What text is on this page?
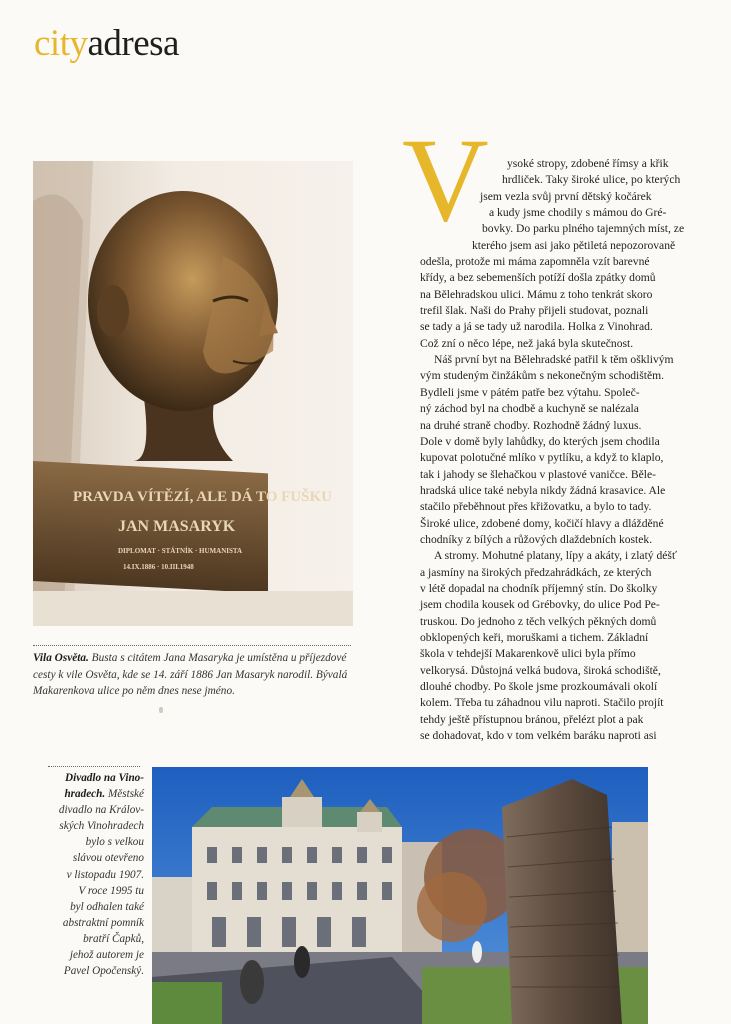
cityadresa
PRAVDA VÍTĚZÍ, ALE DÁ TO FUŠKU
JAN MASARYK
DIPLOMAT · STÁTNÍK · HUMANISTA
14.IX.1886 · 10.III.1948
Vila Osvěta. Busta s citátem Jana Masaryka je umístěna u příjezdové
cesty k vile Osvěta, kde se 14. září 1886 Jan Masaryk narodil. Bývalá
Makarenkova ulice po něm dnes nese jméno.
V	ysoké stropy, zdobené římsy a křik
hrdliček. Taky široké ulice, po kterých
jsem vezla svůj první dětský kočárek
a kudy jsme chodily s mámou do Gré-
bovky. Do parku plného tajemných míst, ze
kterého jsem asi jako pětiletá nepozorovaně
odešla, protože mi máma zapomněla vzít barevné
křídy, a bez sebemenších potíží došla zpátky domů
na Bělehradskou ulici. Mámu z toho tenkrát skoro
trefil šlak. Naši do Prahy přijeli studovat, poznali
se tady a já se tady už narodila. Holka z Vinohrad.
Což zní o něco lépe, než jaká byla skutečnost.
Náš první byt na Bělehradské patřil k těm ošklivým
vým studeným činžákům s nekonečným schodištěm.
Bydleli jsme v pátém patře bez výtahu. Společ-
ný záchod byl na chodbě a kuchyně se nalézala
na druhé straně chodby. Rozhodně žádný luxus.
Dole v domě byly lahůdky, do kterých jsem chodila
kupovat polotučné mlíko v pytlíku, a když to klaplo,
tak i jahody se šlehačkou v plastové vaničce. Běle-
hradská ulice také nebyla nikdy žádná krasavice. Ale
stačilo přeběhnout přes křižovatku, a bylo to tady.
Široké ulice, zdobené domy, kočičí hlavy a dlážděné
chodníky z bílých a růžových dlaždebních kostek.
A stromy. Mohutné platany, lípy a akáty, i zlatý déšť
a jasmíny na širokých předzahrádkách, ze kterých
v létě dopadal na chodník příjemný stín. Do školky
jsem chodila kousek od Grébovky, do ulice Pod Pe-
truskou. Do jednoho z těch velkých pěkných domů
obklopených keři, moruškami a tichem. Základní
škola v tehdejší Makarenkově ulici byla přímo
velkorysá. Důstojná velká budova, široká schodiště,
dlouhé chodby. Po škole jsme prozkoumávali okolí
kolem. Třeba tu záhadnou vilu naproti. Stačilo projít
tehdy ještě přístupnou bránou, přelézt plot a pak
se dohadovat, kdo v tom velkém baráku naproti asi
Divadlo na Vino-
hradech. Městské
divadlo na Králov-
ských Vinohradech
bylo s velkou
slávou otevřeno
v listopadu 1907.
V roce 1995 tu
byl odhalen také
abstraktní pomník
bratří Čapků,
jehož autorem je
Pavel Opočenský.
